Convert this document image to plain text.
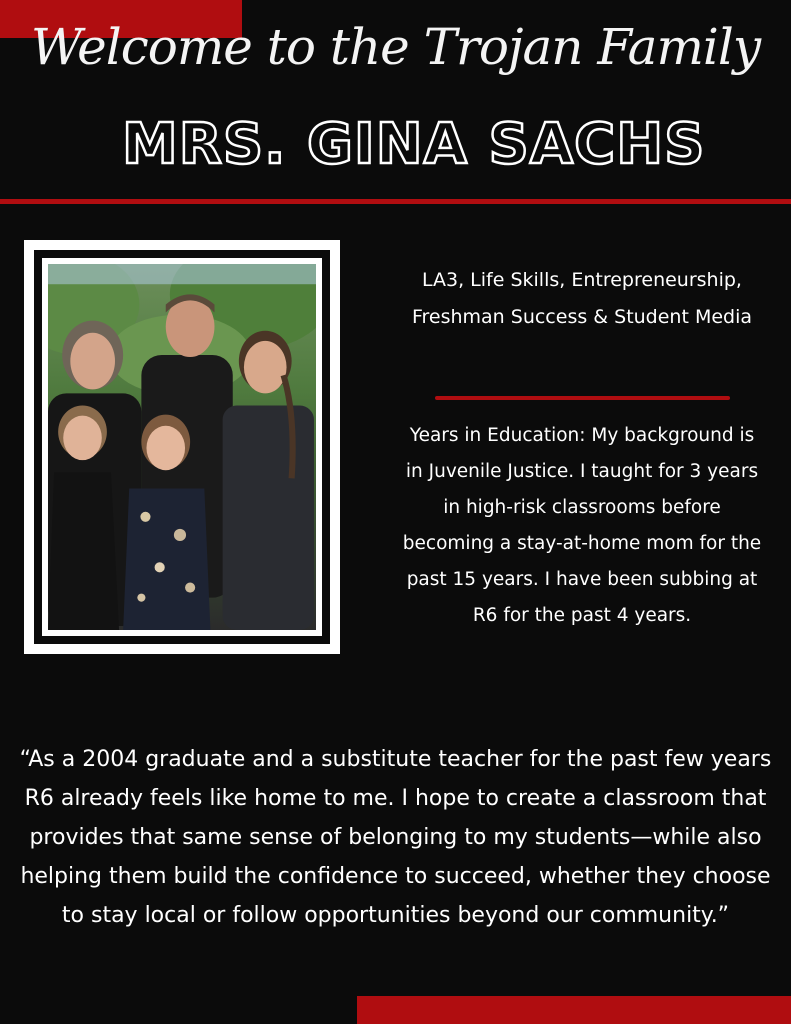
Welcome to the Trojan Family
MRS. GINA SACHS
LA3, Life Skills, Entrepreneurship, Freshman Success & Student Media
Years in Education: My background is in Juvenile Justice. I taught for 3 years in high-risk classrooms before becoming a stay-at-home mom for the past 15 years. I have been subbing at R6 for the past 4 years.
“As a 2004 graduate and a substitute teacher for the past few years R6 already feels like home to me. I hope to create a classroom that provides that same sense of belonging to my students—while also helping them build the confidence to succeed, whether they choose to stay local or follow opportunities beyond our community.”
